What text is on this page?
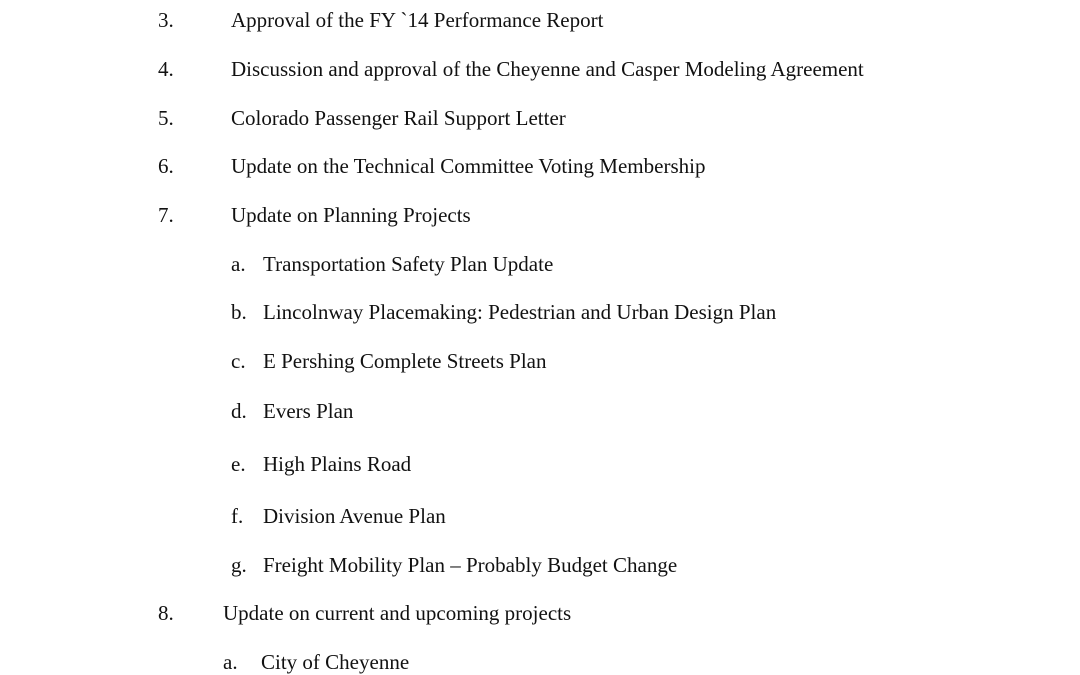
3.	Approval of the FY `14 Performance Report
4.	Discussion and approval of the Cheyenne and Casper Modeling Agreement
5.	Colorado Passenger Rail Support Letter
6.	Update on the Technical Committee Voting Membership
7.	Update on Planning Projects
a. Transportation Safety Plan Update
b. Lincolnway Placemaking: Pedestrian and Urban Design Plan
c. E Pershing Complete Streets Plan
d. Evers Plan
e. High Plains Road
f. Division Avenue Plan
g. Freight Mobility Plan – Probably Budget Change
8. Update on current and upcoming projects
a. City of Cheyenne
